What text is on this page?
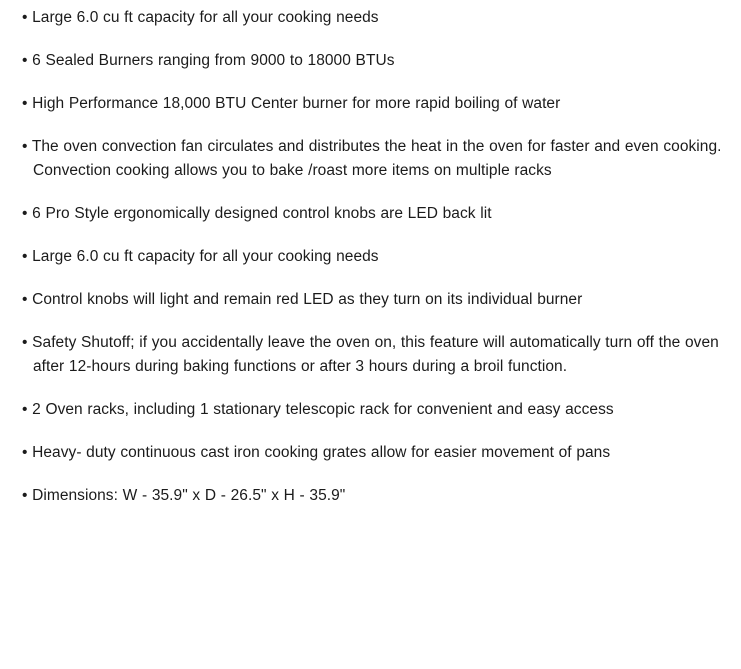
• Large 6.0 cu ft capacity for all your cooking needs

• 6 Sealed Burners ranging from 9000 to 18000 BTUs

• High Performance 18,000 BTU Center burner for more rapid boiling of water

• The oven convection fan circulates and distributes the heat in the oven for faster and even cooking. Convection cooking allows you to bake /roast more items on multiple racks

• 6 Pro Style ergonomically designed control knobs are LED back lit

• Large 6.0 cu ft capacity for all your cooking needs

• Control knobs will light and remain red LED as they turn on its individual burner

• Safety Shutoff; if you accidentally leave the oven on, this feature will automatically turn off the oven after 12-hours during baking functions or after 3 hours during a broil function.

• 2 Oven racks, including 1 stationary telescopic rack for convenient and easy access

• Heavy- duty continuous cast iron cooking grates allow for easier movement of pans

• Dimensions: W - 35.9" x D - 26.5" x H - 35.9"
